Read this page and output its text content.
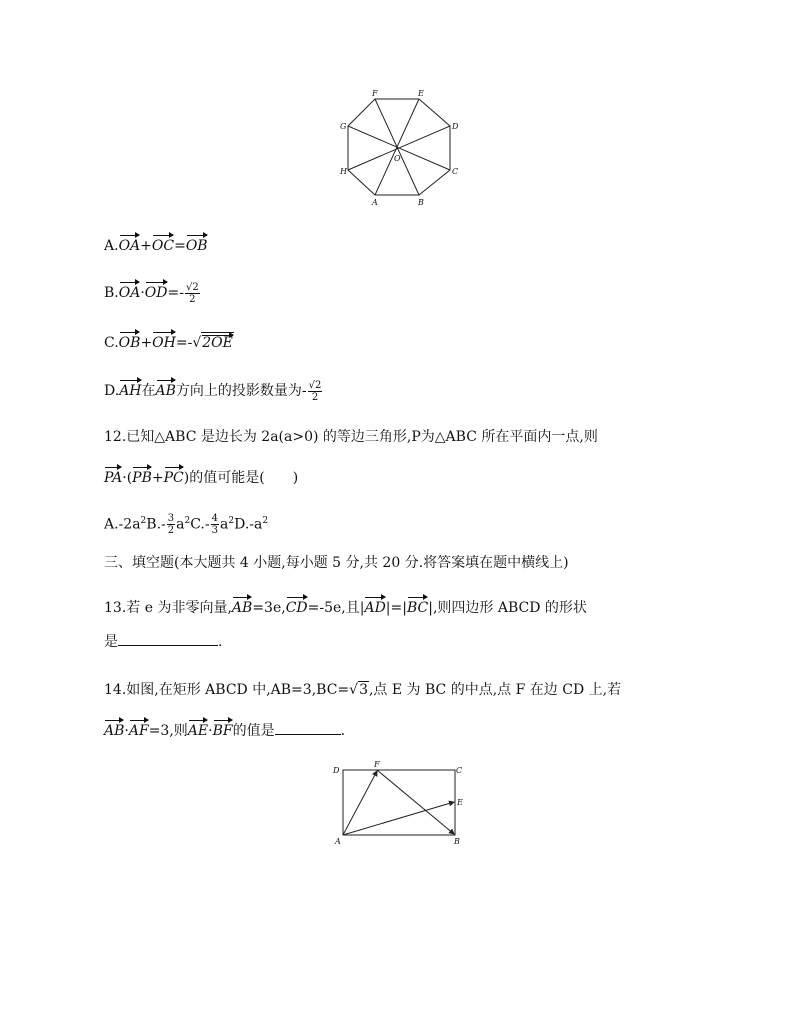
A	B
C
D
E
F
G
H
O
A.OA+OC=OB
$B.OA\cdot OD=- \frac{√2}{2}$
C.OB+OH=-√2OE
D.AH在AB方向上的投影数量为- $\frac{√2}{2}$
12.已知△ABC 是边长为 2a(a>0) 的等边三角形,P为△ABC 所在平面内一点,则
PA·(PB+PC)的值可能是(　　)
$A.-2a^2B.- \frac{3}{2} a^2C.- \frac{4}{3} a^2D.-a^2$
三、填空题(本大题共 4 小题,每小题 5 分,共 20 分.将答案填在题中横线上)
13.若 e 为非零向量,AB=3e,CD=-5e,且|AD|=|BC|,则四边形 ABCD 的形状
是	.
14.如图,在矩形 ABCD 中,AB=3,BC=√3,点 E 为 BC 的中点,点 F 在边 CD 上,若
AB·AF=3,则AE·BF的值是	.
A	B
C
D
E
F
